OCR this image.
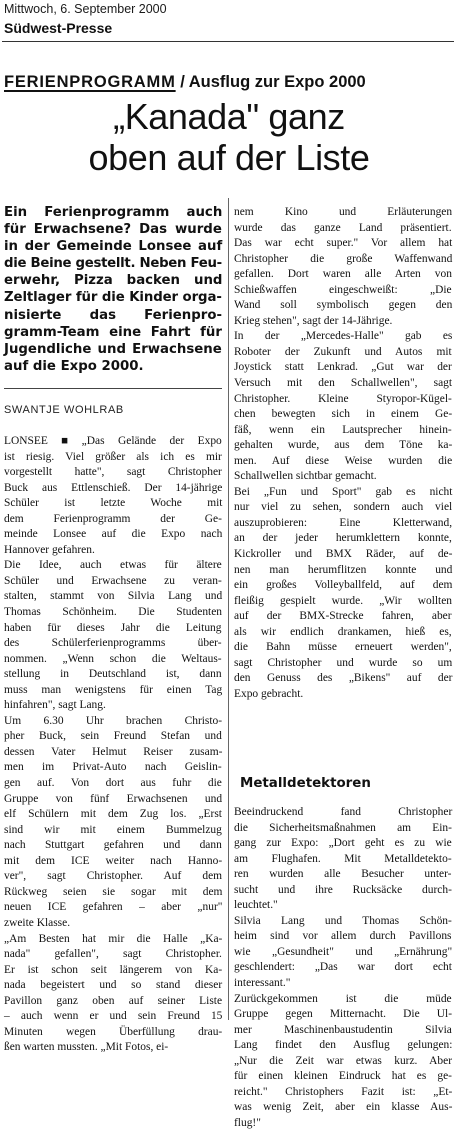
Mittwoch, 6. September 2000
Südwest-Presse
FERIENPROGRAMM / Ausflug zur Expo 2000
„Kanada" ganz
oben auf der Liste
Ein Ferienprogramm auch
für Erwachsene? Das wurde
in der Gemeinde Lonsee auf
die Beine gestellt. Neben Feu-
erwehr, Pizza backen und
Zeltlager für die Kinder orga-
nisierte das Ferienpro-
gramm-Team eine Fahrt für
Jugendliche und Erwachsene
auf die Expo 2000.
SWANTJE WOHLRAB
LONSEE ■ „Das Gelände der Expo
ist riesig. Viel größer als ich es mir
vorgestellt hatte", sagt Christopher
Buck aus Ettlenschieß. Der 14-jährige
Schüler ist letzte Woche mit
dem Ferienprogramm der Ge-
meinde Lonsee auf die Expo nach
Hannover gefahren.
Die Idee, auch etwas für ältere
Schüler und Erwachsene zu veran-
stalten, stammt von Silvia Lang und
Thomas Schönheim. Die Studenten
haben für dieses Jahr die Leitung
des Schülerferienprogramms über-
nommen. „Wenn schon die Weltaus-
stellung in Deutschland ist, dann
muss man wenigstens für einen Tag
hinfahren", sagt Lang.
Um 6.30 Uhr brachen Christo-
pher Buck, sein Freund Stefan und
dessen Vater Helmut Reiser zusam-
men im Privat-Auto nach Geislin-
gen auf. Von dort aus fuhr die
Gruppe von fünf Erwachsenen und
elf Schülern mit dem Zug los. „Erst
sind wir mit einem Bummelzug
nach Stuttgart gefahren und dann
mit dem ICE weiter nach Hanno-
ver", sagt Christopher. Auf dem
Rückweg seien sie sogar mit dem
neuen ICE gefahren – aber „nur"
zweite Klasse.
„Am Besten hat mir die Halle „Ka-
nada" gefallen", sagt Christopher.
Er ist schon seit längerem von Ka-
nada begeistert und so stand dieser
Pavillon ganz oben auf seiner Liste
– auch wenn er und sein Freund 15
Minuten wegen Überfüllung drau-
ßen warten mussten. „Mit Fotos, ei-
nem Kino und Erläuterungen
wurde das ganze Land präsentiert.
Das war echt super." Vor allem hat
Christopher die große Waffenwand
gefallen. Dort waren alle Arten von
Schießwaffen eingeschweißt: „Die
Wand soll symbolisch gegen den
Krieg stehen", sagt der 14-Jährige.
In der „Mercedes-Halle" gab es
Roboter der Zukunft und Autos mit
Joystick statt Lenkrad. „Gut war der
Versuch mit den Schallwellen", sagt
Christopher. Kleine Styropor-Kügel-
chen bewegten sich in einem Ge-
fäß, wenn ein Lautsprecher hinein-
gehalten wurde, aus dem Töne ka-
men. Auf diese Weise wurden die
Schallwellen sichtbar gemacht.
Bei „Fun und Sport" gab es nicht
nur viel zu sehen, sondern auch viel
auszuprobieren: Eine Kletterwand,
an der jeder herumklettern konnte,
Kickroller und BMX Räder, auf de-
nen man herumflitzen konnte und
ein großes Volleyballfeld, auf dem
fleißig gespielt wurde. „Wir wollten
auf der BMX-Strecke fahren, aber
als wir endlich drankamen, hieß es,
die Bahn müsse erneuert werden",
sagt Christopher und wurde so um
den Genuss des „Bikens" auf der
Expo gebracht.
Metalldetektoren
Beeindruckend fand Christopher
die Sicherheitsmaßnahmen am Ein-
gang zur Expo: „Dort geht es zu wie
am Flughafen. Mit Metalldetekto-
ren wurden alle Besucher unter-
sucht und ihre Rucksäcke durch-
leuchtet."
Silvia Lang und Thomas Schön-
heim sind vor allem durch Pavillons
wie „Gesundheit" und „Ernährung"
geschlendert: „Das war dort echt
interessant."
Zurückgekommen ist die müde
Gruppe gegen Mitternacht. Die Ul-
mer Maschinenbaustudentin Silvia
Lang findet den Ausflug gelungen:
„Nur die Zeit war etwas kurz. Aber
für einen kleinen Eindruck hat es ge-
reicht." Christophers Fazit ist: „Et-
was wenig Zeit, aber ein klasse Aus-
flug!"
